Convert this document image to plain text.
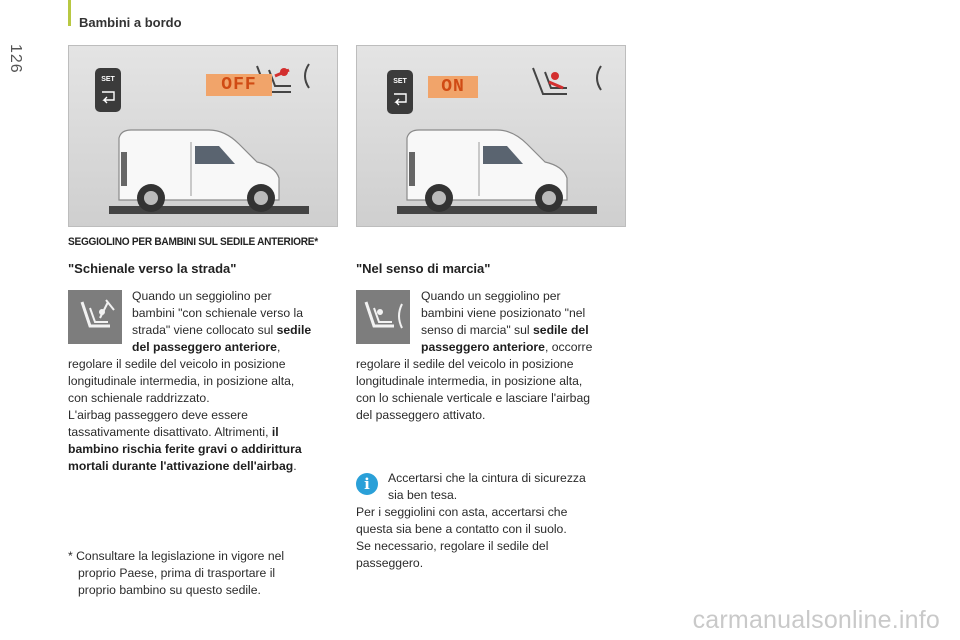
126
Bambini a bordo
SET	OFF	SET	ON
SEGGIOLINO PER BAMBINI SUL SEDILE ANTERIORE*
"Schienale verso la strada"	"Nel senso di marcia"
Quando un seggiolino per
bambini "con schienale verso la
strada" viene collocato sul sedile
del passeggero anteriore,
regolare il sedile del veicolo in posizione
longitudinale intermedia, in posizione alta,
con schienale raddrizzato.
L'airbag passeggero deve essere
tassativamente disattivato. Altrimenti, il
bambino rischia ferite gravi o addirittura
mortali durante l'attivazione dell'airbag.
Quando un seggiolino per
bambini viene posizionato "nel
senso di marcia" sul sedile del
passeggero anteriore, occorre
regolare il sedile del veicolo in posizione
longitudinale intermedia, in posizione alta,
con lo schienale verticale e lasciare l'airbag
del passeggero attivato.
i	Accertarsi che la cintura di sicurezza
sia ben tesa.
Per i seggiolini con asta, accertarsi che
questa sia bene a contatto con il suolo.
Se necessario, regolare il sedile del
passeggero.
* Consultare la legislazione in vigore nel
proprio Paese, prima di trasportare il
proprio bambino su questo sedile.
carmanualsonline.info
